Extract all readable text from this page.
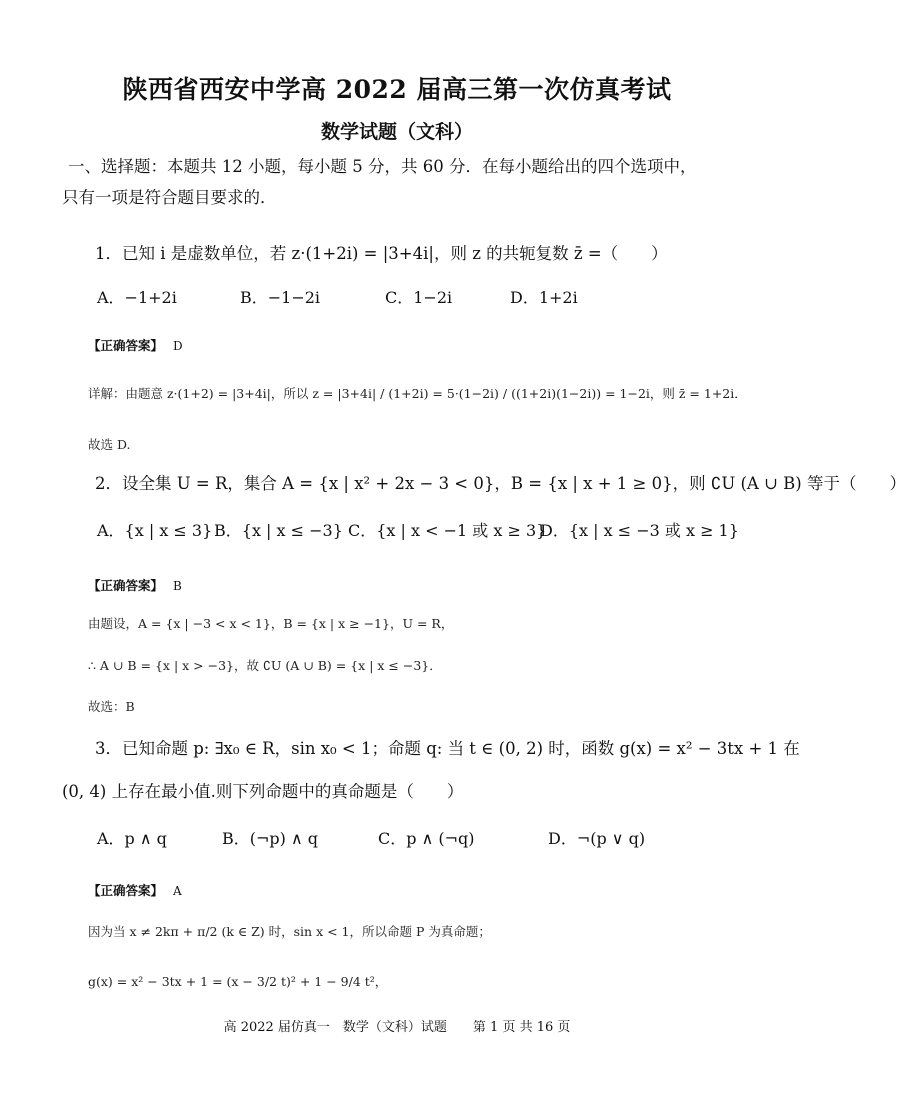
陕西省西安中学高 2022 届高三第一次仿真考试
数学试题（文科）
一、选择题：本题共 12 小题，每小题 5 分，共 60 分．在每小题给出的四个选项中，
只有一项是符合题目要求的．
1．已知 i 是虚数单位，若 z·(1+2i) = |3+4i|，则 z 的共轭复数 z̄ =（　　）
A．−1+2i	B．−1−2i	C．1−2i	D．1+2i
【正确答案】 D
详解：由题意 z·(1+2) = |3+4i|，所以 z = |3+4i| / (1+2i) = 5·(1−2i) / ((1+2i)(1−2i)) = 1−2i，则 z̄ = 1+2i．
故选 D.
2．设全集 U = R，集合 A = {x | x² + 2x − 3 < 0}，B = {x | x + 1 ≥ 0}，则 ∁U (A ∪ B) 等于（　　）
A．{x | x ≤ 3} B．{x | x ≤ −3} C．{x | x < −1 或 x ≥ 3}
D．{x | x ≤ −3 或 x ≥ 1}
【正确答案】 B
由题设，A = {x | −3 < x < 1}，B = {x | x ≥ −1}，U = R，
∴ A ∪ B = {x | x > −3}，故 ∁U (A ∪ B) = {x | x ≤ −3}．
故选：B
3．已知命题 p: ∃x₀ ∈ R，sin x₀ < 1；命题 q: 当 t ∈ (0, 2) 时，函数 g(x) = x² − 3tx + 1 在
(0, 4) 上存在最小值.则下列命题中的真命题是（　　）
A．p ∧ q	B．(¬p) ∧ q	C．p ∧ (¬q)	D．¬(p ∨ q)
【正确答案】 A
因为当 x ≠ 2kπ + π/2 (k ∈ Z) 时，sin x < 1，所以命题 P 为真命题；
g(x) = x² − 3tx + 1 = (x − 3/2 t)² + 1 − 9/4 t²，
高 2022 届仿真一　数学（文科）试题　　第 1 页 共 16 页
